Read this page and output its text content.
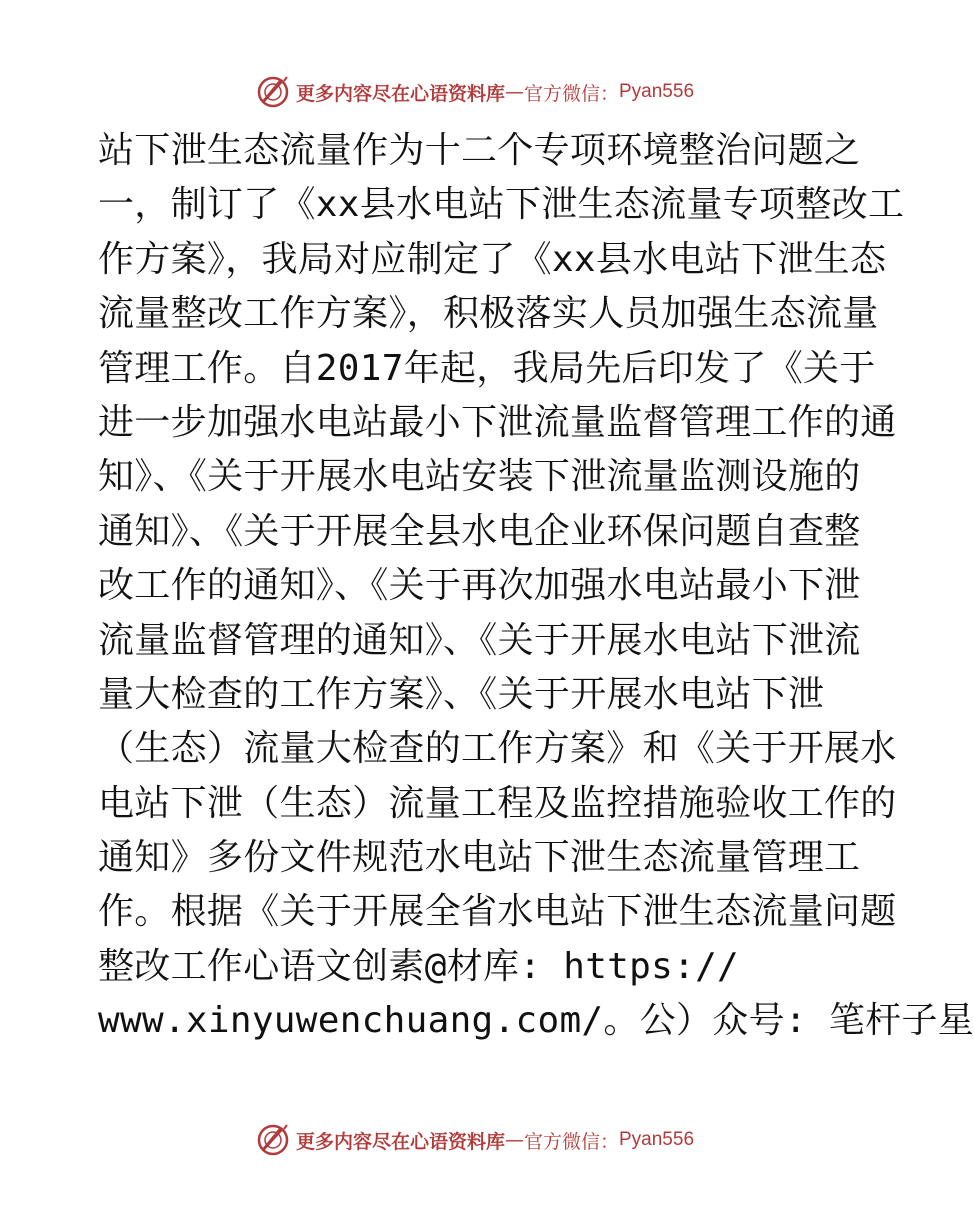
更多内容尽在心语资料库 — 官方微信： Pyan556
站下泄生态流量作为十二个专项环境整治问题之
一，制订了《xx县水电站下泄生态流量专项整改工
作方案》，我局对应制定了《xx县水电站下泄生态
流量整改工作方案》，积极落实人员加强生态流量
管理工作。自2017年起，我局先后印发了《关于
进一步加强水电站最小下泄流量监督管理工作的通
知》、《关于开展水电站安装下泄流量监测设施的
通知》、《关于开展全县水电企业环保问题自查整
改工作的通知》、《关于再次加强水电站最小下泄
流量监督管理的通知》、《关于开展水电站下泄流
量大检查的工作方案》、《关于开展水电站下泄
（生态）流量大检查的工作方案》和《关于开展水
电站下泄（生态）流量工程及监控措施验收工作的
通知》多份文件规范水电站下泄生态流量管理工
作。根据《关于开展全省水电站下泄生态流量问题
整改工作心语文创素@材库: https://
www.xinyuwenchuang.com/。公）众号: 笔杆子星
更多内容尽在心语资料库 — 官方微信： Pyan556
